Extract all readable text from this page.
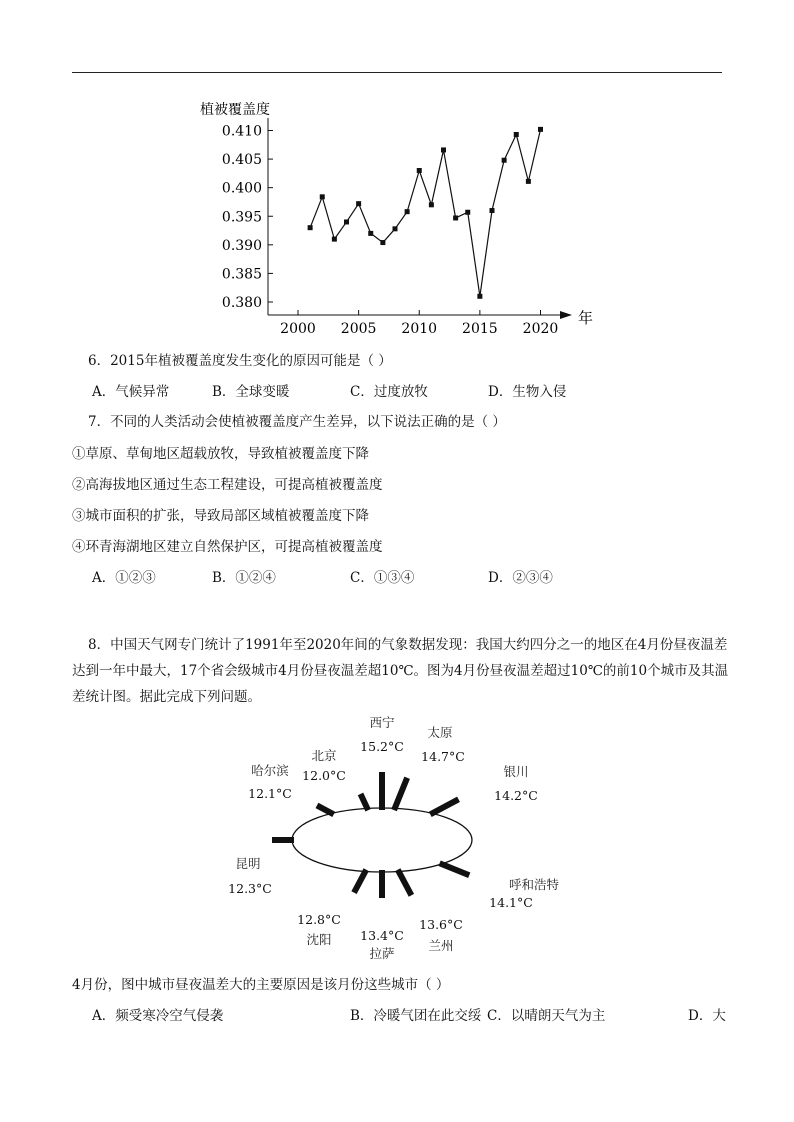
0.410
0.405
0.400
0.395
0.390
0.385
0.380
2000 2005 2010 2015 2020
植被覆盖度
年
6．2015年植被覆盖度发生变化的原因可能是（ ）
A．气候异常	B．全球变暖	C．过度放牧	D．生物入侵
7．不同的人类活动会使植被覆盖度产生差异，以下说法正确的是（ ）
①草原、草甸地区超载放牧，导致植被覆盖度下降
②高海拔地区通过生态工程建设，可提高植被覆盖度
③城市面积的扩张，导致局部区域植被覆盖度下降
④环青海湖地区建立自然保护区，可提高植被覆盖度
A．①②③	B．①②④	C．①③④	D．②③④
8．中国天气网专门统计了1991年至2020年间的气象数据发现：我国大约四分之一的地区在4月份昼夜温差达到一年中最大，17个省会级城市4月份昼夜温差超10℃。图为4月份昼夜温差超过10℃的前10个城市及其温差统计图。据此完成下列问题。
西宁
15.2°C
太原
14.7°C
银川
14.2°C
呼和浩特
14.1°C
兰州
13.6°C
拉萨
13.4°C
沈阳
12.8°C
昆明
12.3°C
哈尔滨
12.1°C
北京
12.0°C
4月份，图中城市昼夜温差大的主要原因是该月份这些城市（ ）
A．频受寒冷空气侵袭	B．冷暖气团在此交绥 C．以晴朗天气为主	D．大
